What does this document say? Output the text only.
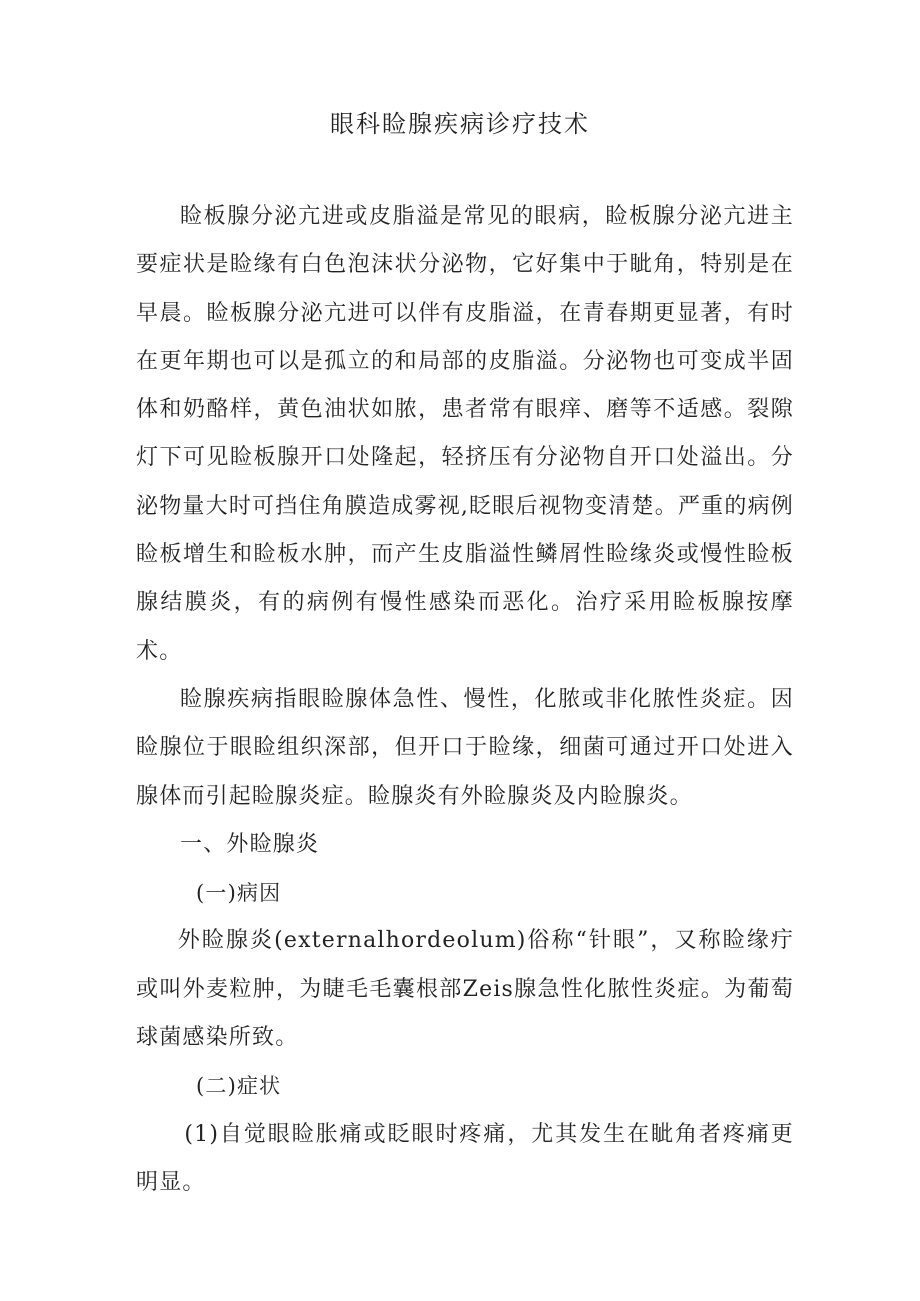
眼科睑腺疾病诊疗技术

睑板腺分泌亢进或皮脂溢是常见的眼病，睑板腺分泌亢进主要症状是睑缘有白色泡沫状分泌物，它好集中于眦角，特别是在早晨。睑板腺分泌亢进可以伴有皮脂溢，在青春期更显著，有时在更年期也可以是孤立的和局部的皮脂溢。分泌物也可变成半固体和奶酪样，黄色油状如脓，患者常有眼痒、磨等不适感。裂隙灯下可见睑板腺开口处隆起，轻挤压有分泌物自开口处溢出。分泌物量大时可挡住角膜造成雾视,眨眼后视物变清楚。严重的病例睑板增生和睑板水肿，而产生皮脂溢性鳞屑性睑缘炎或慢性睑板腺结膜炎，有的病例有慢性感染而恶化。治疗采用睑板腺按摩术。

睑腺疾病指眼睑腺体急性、慢性，化脓或非化脓性炎症。因睑腺位于眼睑组织深部，但开口于睑缘，细菌可通过开口处进入腺体而引起睑腺炎症。睑腺炎有外睑腺炎及内睑腺炎。

一、外睑腺炎

(一)病因

外睑腺炎(externalhordeolum)俗称“针眼”，又称睑缘疔或叫外麦粒肿，为睫毛毛囊根部Zeis腺急性化脓性炎症。为葡萄球菌感染所致。

(二)症状

(1)自觉眼睑胀痛或眨眼时疼痛，尤其发生在眦角者疼痛更明显。
